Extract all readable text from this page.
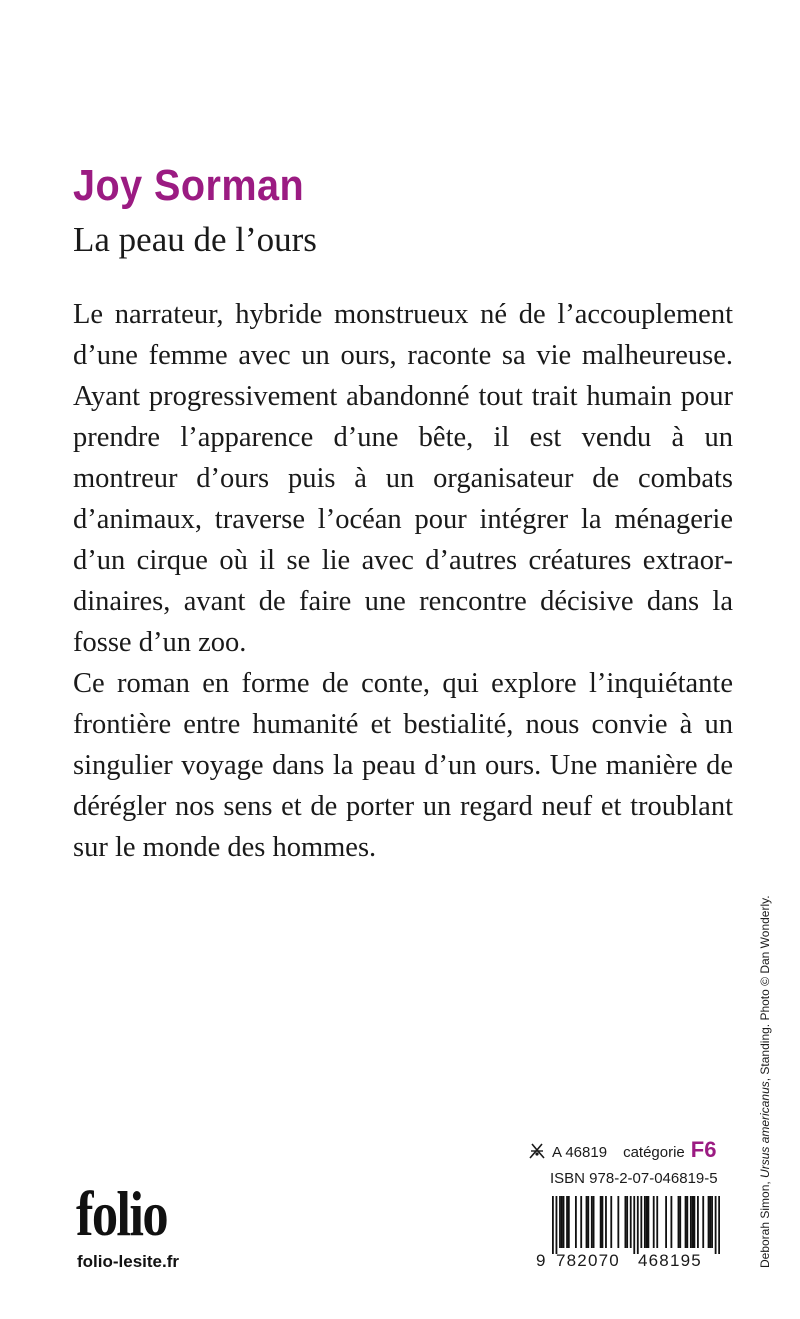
Joy Sorman
La peau de l’ours

Le narrateur, hybride monstrueux né de l’accouplement d’une femme avec un ours, raconte sa vie malheureuse. Ayant progressivement abandonné tout trait humain pour prendre l’apparence d’une bête, il est vendu à un montreur d’ours puis à un organisateur de combats d’animaux, traverse l’océan pour intégrer la ménagerie d’un cirque où il se lie avec d’autres créatures extraordinaires, avant de faire une rencontre décisive dans la fosse d’un zoo.

Ce roman en forme de conte, qui explore l’inquiétante frontière entre humanité et bestialité, nous convie à un singulier voyage dans la peau d’un ours. Une manière de dérégler nos sens et de porter un regard neuf et troublant sur le monde des hommes.

Deborah Simon, Ursus americanus, Standing. Photo © Dan Wonderly.
folio
folio-lesite.fr
A 46819 catégorie F6
ISBN 978-2-07-046819-5
9 782070 468195
